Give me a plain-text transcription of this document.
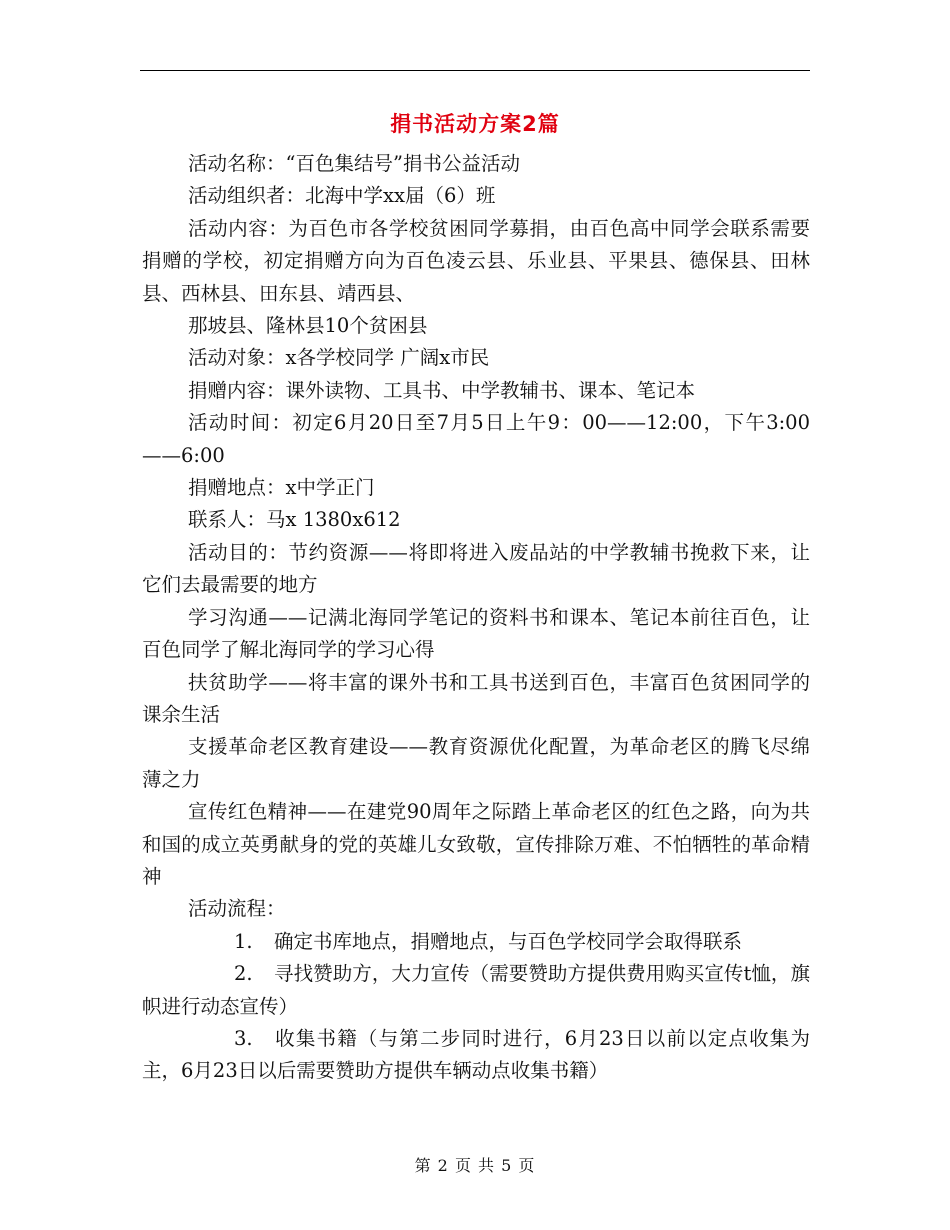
捐书活动方案2篇

活动名称：“百色集结号”捐书公益活动

活动组织者：北海中学xx届（6）班

活动内容：为百色市各学校贫困同学募捐，由百色高中同学会联系需要捐赠的学校，初定捐赠方向为百色凌云县、乐业县、平果县、德保县、田林县、西林县、田东县、靖西县、

那坡县、隆林县10个贫困县

活动对象：x各学校同学 广阔x市民

捐赠内容：课外读物、工具书、中学教辅书、课本、笔记本

活动时间：初定6月20日至7月5日上午9：00——12:00，下午3:00——6:00

捐赠地点：x中学正门

联系人：马x 1380x612

活动目的：节约资源——将即将进入废品站的中学教辅书挽救下来，让它们去最需要的地方

学习沟通——记满北海同学笔记的资料书和课本、笔记本前往百色，让百色同学了解北海同学的学习心得

扶贫助学——将丰富的课外书和工具书送到百色，丰富百色贫困同学的课余生活

支援革命老区教育建设——教育资源优化配置，为革命老区的腾飞尽绵薄之力

宣传红色精神——在建党90周年之际踏上革命老区的红色之路，向为共和国的成立英勇献身的党的英雄儿女致敬，宣传排除万难、不怕牺牲的革命精神

活动流程：

1. 确定书库地点，捐赠地点，与百色学校同学会取得联系

2. 寻找赞助方，大力宣传（需要赞助方提供费用购买宣传t恤，旗帜进行动态宣传）

3. 收集书籍（与第二步同时进行，6月23日以前以定点收集为主，6月23日以后需要赞助方提供车辆动点收集书籍）

第 2 页 共 5 页
